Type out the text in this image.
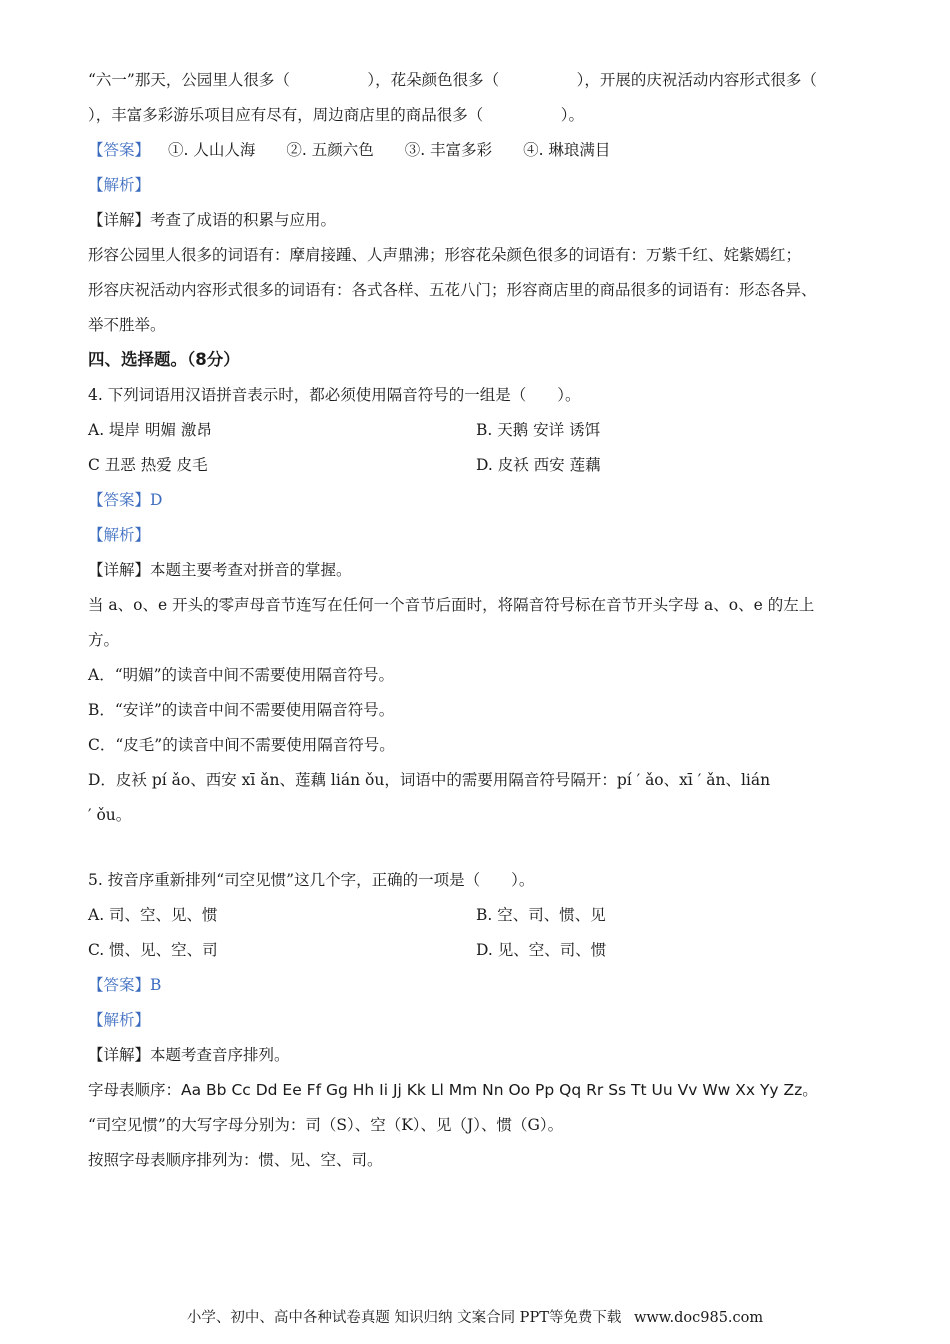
“六一”那天，公园里人很多（　　　　　），花朵颜色很多（　　　　　），开展的庆祝活动内容形式很多（
），丰富多彩游乐项目应有尽有，周边商店里的商品很多（　　　　　）。
【答案】 ①. 人山人海　　②. 五颜六色　　③. 丰富多彩　　④. 琳琅满目
【解析】
【详解】考查了成语的积累与应用。
形容公园里人很多的词语有：摩肩接踵、人声鼎沸；形容花朵颜色很多的词语有：万紫千红、姹紫嫣红；
形容庆祝活动内容形式很多的词语有：各式各样、五花八门；形容商店里的商品很多的词语有：形态各异、
举不胜举。
四、选择题。（8分）
4. 下列词语用汉语拼音表示时，都必须使用隔音符号的一组是（　　）。
A. 堤岸 明媚 激昂	B. 天鹅 安详 诱饵
C 丑恶 热爱 皮毛	D. 皮袄 西安 莲藕
【答案】D
【解析】
【详解】本题主要考查对拼音的掌握。
当 a、o、e 开头的零声母音节连写在任何一个音节后面时，将隔音符号标在音节开头字母 a、o、e 的左上
方。
A．“明媚”的读音中间不需要使用隔音符号。
B．“安详”的读音中间不需要使用隔音符号。
C．“皮毛”的读音中间不需要使用隔音符号。
D．皮袄 pí ǎo、西安 xī ǎn、莲藕 lián ǒu，词语中的需要用隔音符号隔开：pí ′ ǎo、xī ′ ǎn、lián
′ ǒu。
5. 按音序重新排列“司空见惯”这几个字，正确的一项是（　　）。
A. 司、空、见、惯	B. 空、司、惯、见
C. 惯、见、空、司	D. 见、空、司、惯
【答案】B
【解析】
【详解】本题考查音序排列。
字母表顺序：Aa Bb Cc Dd Ee Ff Gg Hh Ii Jj Kk Ll Mm Nn Oo Pp Qq Rr Ss Tt Uu Vv Ww Xx Yy Zz。
“司空见惯”的大写字母分别为：司（S）、空（K）、见（J）、惯（G）。
按照字母表顺序排列为：惯、见、空、司。
小学、初中、高中各种试卷真题 知识归纳 文案合同 PPT等免费下载 www.doc985.com
